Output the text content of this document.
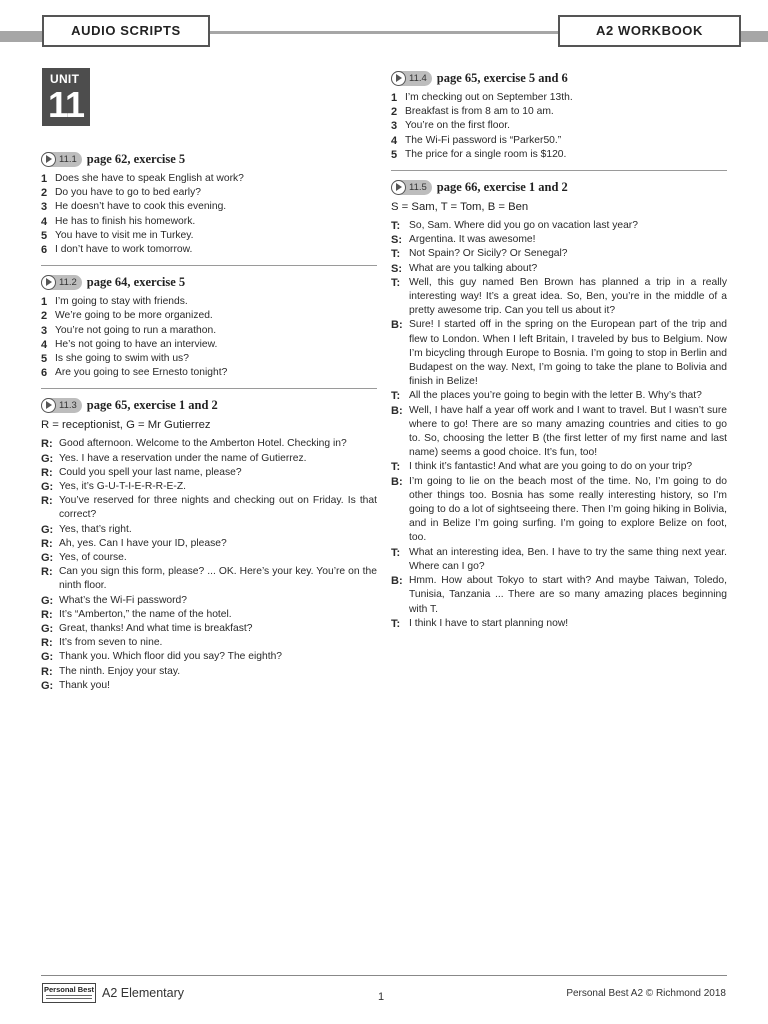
AUDIO SCRIPTS	A2 WORKBOOK
UNIT
11
11.1 page 62, exercise 5
1 Does she have to speak English at work?
2 Do you have to go to bed early?
3 He doesn’t have to cook this evening.
4 He has to finish his homework.
5 You have to visit me in Turkey.
6 I don’t have to work tomorrow.
11.2 page 64, exercise 5
1 I’m going to stay with friends.
2 We’re going to be more organized.
3 You’re not going to run a marathon.
4 He’s not going to have an interview.
5 Is she going to swim with us?
6 Are you going to see Ernesto tonight?
11.3 page 65, exercise 1 and 2
R = receptionist, G = Mr Gutierrez
R: Good afternoon. Welcome to the Amberton Hotel. Checking in?
G: Yes. I have a reservation under the name of Gutierrez.
R: Could you spell your last name, please?
G: Yes, it’s G-U-T-I-E-R-R-E-Z.
R: You’ve reserved for three nights and checking out on Friday. Is that correct?
G: Yes, that’s right.
R: Ah, yes. Can I have your ID, please?
G: Yes, of course.
R: Can you sign this form, please? ... OK. Here’s your key. You’re on the ninth floor.
G: What’s the Wi-Fi password?
R: It’s “Amberton,” the name of the hotel.
G: Great, thanks! And what time is breakfast?
R: It’s from seven to nine.
G: Thank you. Which floor did you say? The eighth?
R: The ninth. Enjoy your stay.
G: Thank you!
11.4 page 65, exercise 5 and 6
1 I’m checking out on September 13th.
2 Breakfast is from 8 am to 10 am.
3 You’re on the first floor.
4 The Wi-Fi password is “Parker50.”
5 The price for a single room is $120.
11.5 page 66, exercise 1 and 2
S = Sam, T = Tom, B = Ben
T: So, Sam. Where did you go on vacation last year?
S: Argentina. It was awesome!
T: Not Spain? Or Sicily? Or Senegal?
S: What are you talking about?
T: Well, this guy named Ben Brown has planned a trip in a really interesting way! It’s a great idea. So, Ben, you’re in the middle of a pretty awesome trip. Can you tell us about it?
B: Sure! I started off in the spring on the European part of the trip and flew to London. When I left Britain, I traveled by bus to Belgium. Now I’m bicycling through Europe to Bosnia. I’m going to stop in Berlin and Budapest on the way. Next, I’m going to take the plane to Bolivia and finish in Belize!
T: All the places you’re going to begin with the letter B. Why’s that?
B: Well, I have half a year off work and I want to travel. But I wasn’t sure where to go! There are so many amazing countries and cities to go to. So, choosing the letter B (the first letter of my first name and last name) seems a good choice. It’s fun, too!
T: I think it’s fantastic! And what are you going to do on your trip?
B: I’m going to lie on the beach most of the time. No, I’m going to do other things too. Bosnia has some really interesting history, so I’m going to do a lot of sightseeing there. Then I’m going hiking in Bolivia, and in Belize I’m going surfing. I’m going to explore Belize on foot, too.
T: What an interesting idea, Ben. I have to try the same thing next year. Where can I go?
B: Hmm. How about Tokyo to start with? And maybe Taiwan, Toledo, Tunisia, Tanzania ... There are so many amazing places beginning with T.
T: I think I have to start planning now!
Personal Best A2 Elementary	1	Personal Best A2 © Richmond 2018
